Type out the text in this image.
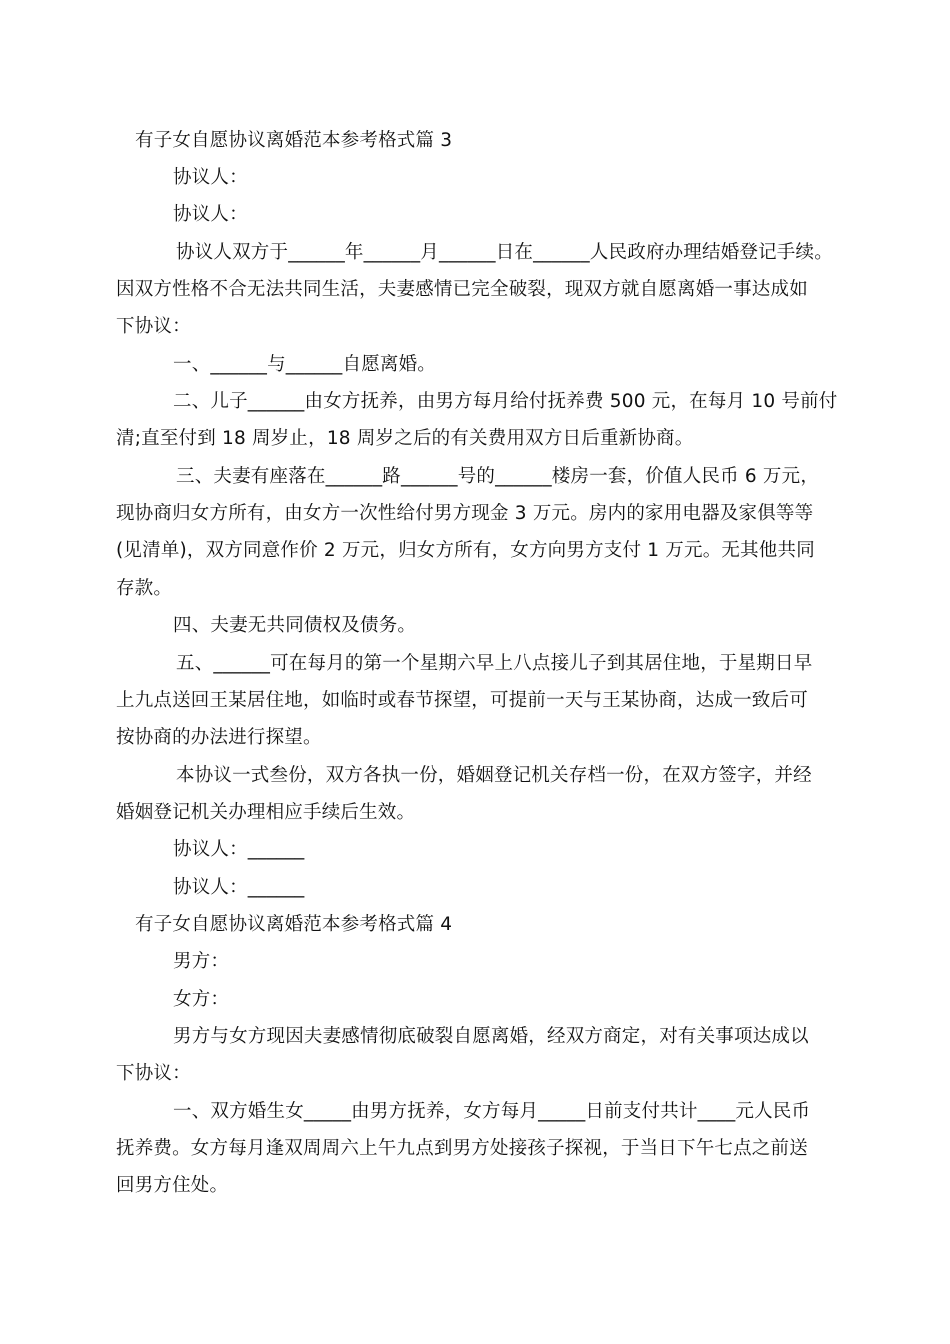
有子女自愿协议离婚范本参考格式篇 3
协议人：
协议人：
协议人双方于______年______月______日在______人民政府办理结婚登记手续。
因双方性格不合无法共同生活，夫妻感情已完全破裂，现双方就自愿离婚一事达成如
下协议：
一、______与______自愿离婚。
二、儿子______由女方抚养，由男方每月给付抚养费 500 元，在每月 10 号前付
清;直至付到 18 周岁止，18 周岁之后的有关费用双方日后重新协商。
三、夫妻有座落在______路______号的______楼房一套，价值人民币 6 万元，
现协商归女方所有，由女方一次性给付男方现金 3 万元。房内的家用电器及家俱等等
(见清单)，双方同意作价 2 万元，归女方所有，女方向男方支付 1 万元。无其他共同
存款。
四、夫妻无共同债权及债务。
五、______可在每月的第一个星期六早上八点接儿子到其居住地，于星期日早
上九点送回王某居住地，如临时或春节探望，可提前一天与王某协商，达成一致后可
按协商的办法进行探望。
本协议一式叁份，双方各执一份，婚姻登记机关存档一份，在双方签字，并经
婚姻登记机关办理相应手续后生效。
协议人：______
协议人：______
有子女自愿协议离婚范本参考格式篇 4
男方：
女方：
男方与女方现因夫妻感情彻底破裂自愿离婚，经双方商定，对有关事项达成以
下协议：
一、双方婚生女_____由男方抚养，女方每月_____日前支付共计____元人民币
抚养费。女方每月逢双周周六上午九点到男方处接孩子探视，于当日下午七点之前送
回男方住处。
